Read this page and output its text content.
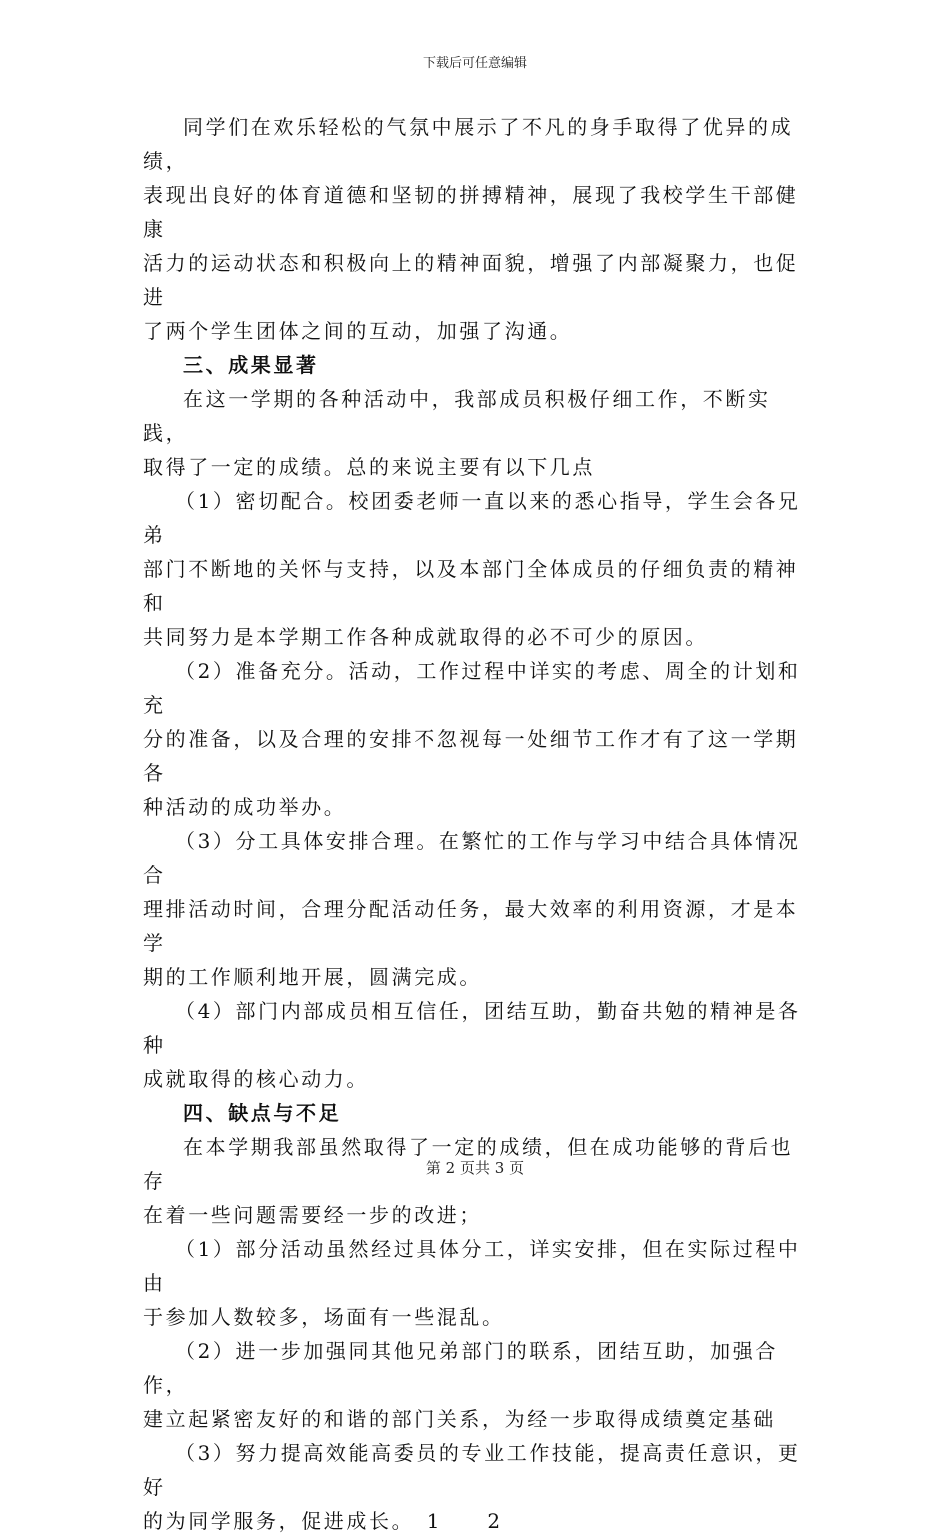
下载后可任意编辑

同学们在欢乐轻松的气氛中展示了不凡的身手取得了优异的成绩，

表现出良好的体育道德和坚韧的拼搏精神，展现了我校学生干部健康
活力的运动状态和积极向上的精神面貌，增强了内部凝聚力，也促进
了两个学生团体之间的互动，加强了沟通。

三、成果显著

在这一学期的各种活动中，我部成员积极仔细工作，不断实践，

取得了一定的成绩。总的来说主要有以下几点

（1）密切配合。校团委老师一直以来的悉心指导，学生会各兄弟

部门不断地的关怀与支持，以及本部门全体成员的仔细负责的精神和
共同努力是本学期工作各种成就取得的必不可少的原因。

（2）准备充分。活动，工作过程中详实的考虑、周全的计划和充

分的准备，以及合理的安排不忽视每一处细节工作才有了这一学期各
种活动的成功举办。

（3）分工具体安排合理。在繁忙的工作与学习中结合具体情况合

理排活动时间，合理分配活动任务，最大效率的利用资源，才是本学
期的工作顺利地开展，圆满完成。

（4）部门内部成员相互信任，团结互助，勤奋共勉的精神是各种

成就取得的核心动力。

四、缺点与不足

在本学期我部虽然取得了一定的成绩，但在成功能够的背后也存

在着一些问题需要经一步的改进；

（1）部分活动虽然经过具体分工，详实安排，但在实际过程中由

于参加人数较多，场面有一些混乱。

（2）进一步加强同其他兄弟部门的联系，团结互助，加强合作，

建立起紧密友好的和谐的部门关系，为经一步取得成绩奠定基础

（3）努力提高效能高委员的专业工作技能，提高责任意识，更好

的为同学服务，促进成长。　1　　2

第 2 页共 3 页
